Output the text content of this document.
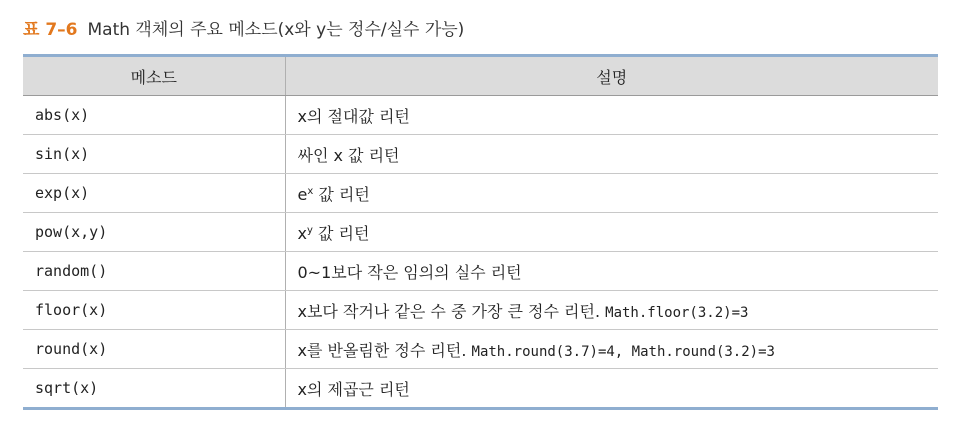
표 7–6 Math 객체의 주요 메소드(x와 y는 정수/실수 가능)
메소드	설명
abs(x)	x의 절대값 리턴
sin(x)	싸인 x 값 리턴
exp(x)	$e^x$ 값 리턴
pow(x,y)	$x^y$ 값 리턴
random()	0~1보다 작은 임의의 실수 리턴
floor(x)	x보다 작거나 같은 수 중 가장 큰 정수 리턴. Math.floor(3.2)=3
round(x)	x를 반올림한 정수 리턴. Math.round(3.7)=4, Math.round(3.2)=3
sqrt(x)	x의 제곱근 리턴
